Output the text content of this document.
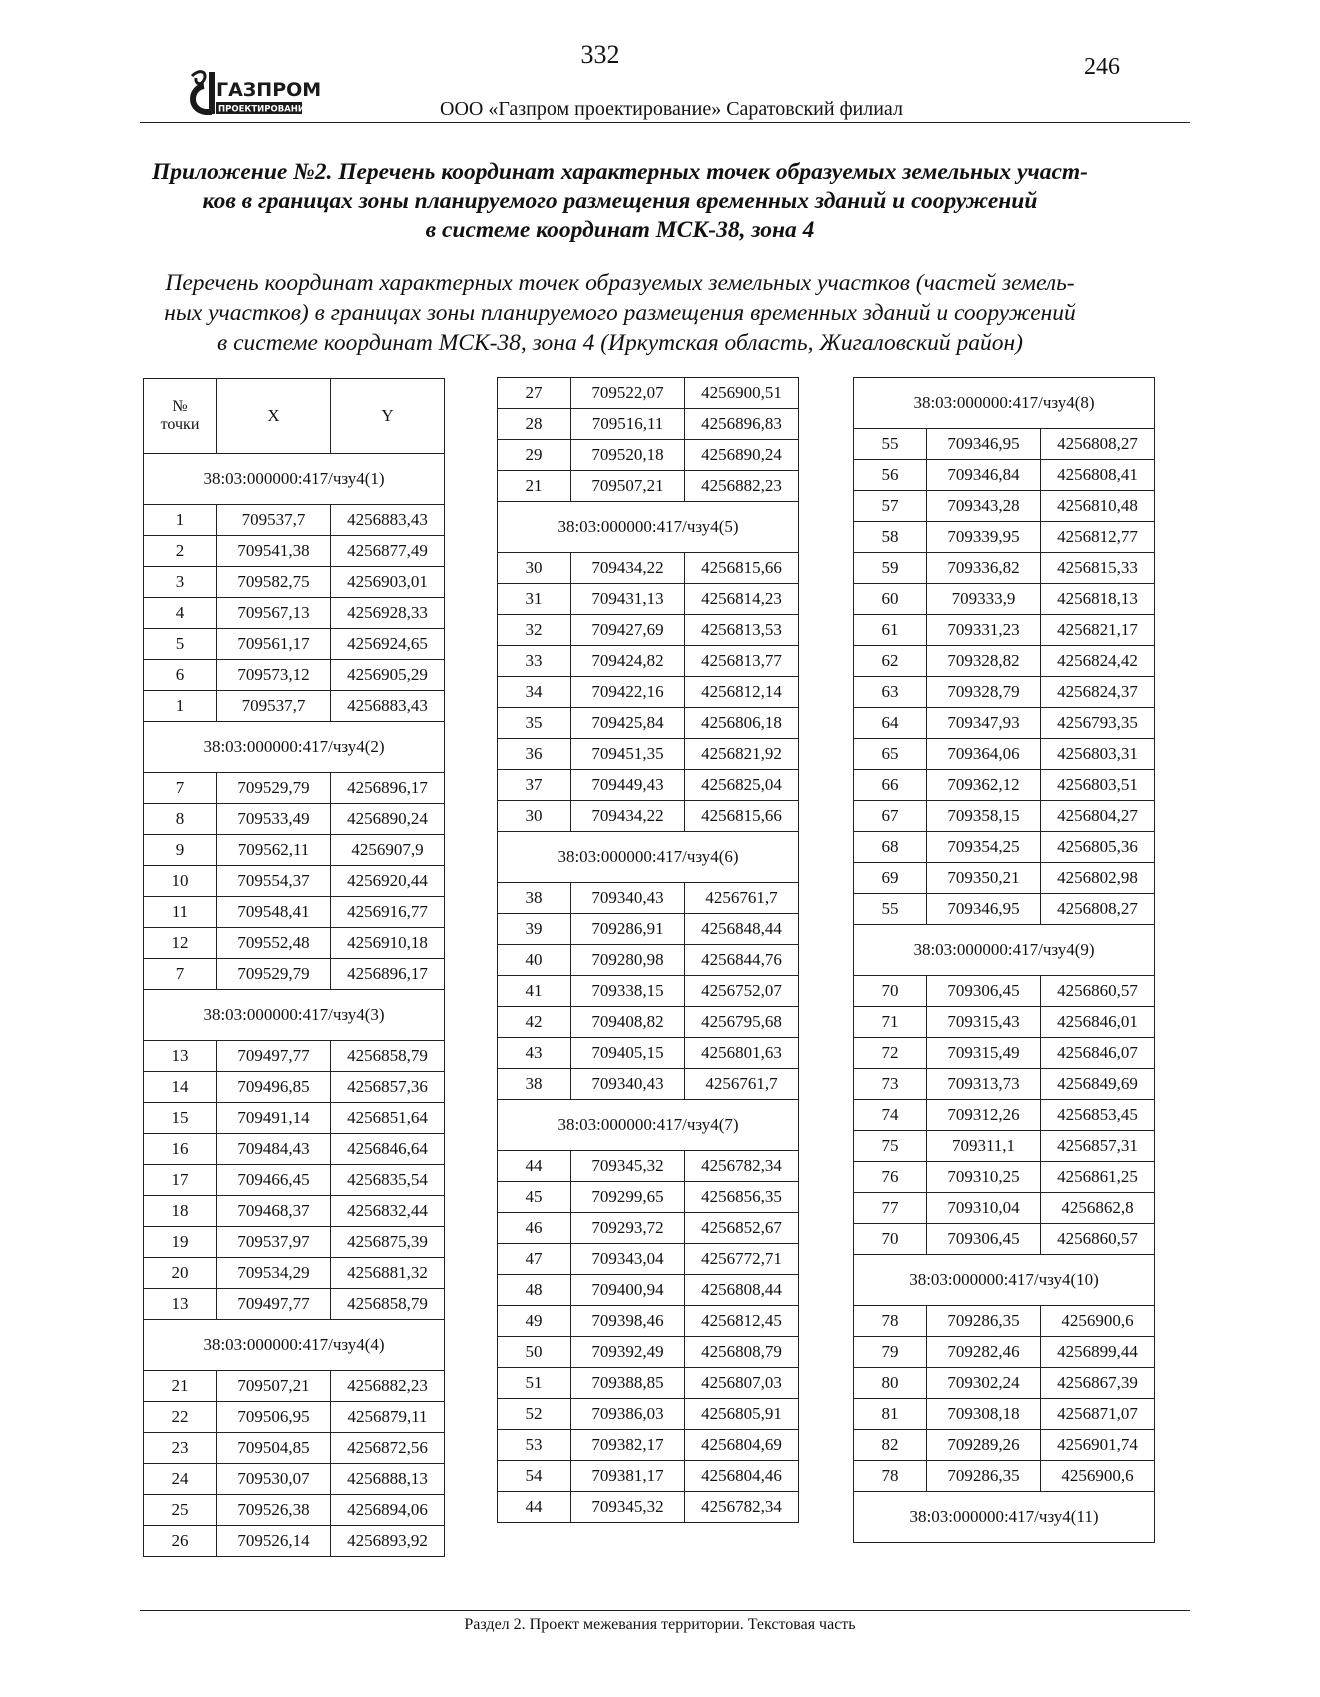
332	246
ГАЗПРОМ
ПРОЕКТИРОВАНИЕ	ООО «Газпром проектирование» Саратовский филиал
Приложение №2. Перечень координат характерных точек образуемых земельных участ-
ков в границах зоны планируемого размещения временных зданий и сооружений
в системе координат МСК-38, зона 4
Перечень координат характерных точек образуемых земельных участков (частей земель-
ных участков) в границах зоны планируемого размещения временных зданий и сооружений
в системе координат МСК-38, зона 4 (Иркутская область, Жигаловский район)
№
точки	X	Y
38:03:000000:417/чзу4(1)		
1	709537,7	4256883,43
2	709541,38	4256877,49
3	709582,75	4256903,01
4	709567,13	4256928,33
5	709561,17	4256924,65
6	709573,12	4256905,29
1	709537,7	4256883,43
38:03:000000:417/чзу4(2)		
7	709529,79	4256896,17
8	709533,49	4256890,24
9	709562,11	4256907,9
10	709554,37	4256920,44
11	709548,41	4256916,77
12	709552,48	4256910,18
7	709529,79	4256896,17
38:03:000000:417/чзу4(3)		
13	709497,77	4256858,79
14	709496,85	4256857,36
15	709491,14	4256851,64
16	709484,43	4256846,64
17	709466,45	4256835,54
18	709468,37	4256832,44
19	709537,97	4256875,39
20	709534,29	4256881,32
13	709497,77	4256858,79
38:03:000000:417/чзу4(4)		
21	709507,21	4256882,23
22	709506,95	4256879,11
23	709504,85	4256872,56
24	709530,07	4256888,13
25	709526,38	4256894,06
26	709526,14	4256893,92
27	709522,07	4256900,51
28	709516,11	4256896,83
29	709520,18	4256890,24
21	709507,21	4256882,23
38:03:000000:417/чзу4(5)		
30	709434,22	4256815,66
31	709431,13	4256814,23
32	709427,69	4256813,53
33	709424,82	4256813,77
34	709422,16	4256812,14
35	709425,84	4256806,18
36	709451,35	4256821,92
37	709449,43	4256825,04
30	709434,22	4256815,66
38:03:000000:417/чзу4(6)		
38	709340,43	4256761,7
39	709286,91	4256848,44
40	709280,98	4256844,76
41	709338,15	4256752,07
42	709408,82	4256795,68
43	709405,15	4256801,63
38	709340,43	4256761,7
38:03:000000:417/чзу4(7)		
44	709345,32	4256782,34
45	709299,65	4256856,35
46	709293,72	4256852,67
47	709343,04	4256772,71
48	709400,94	4256808,44
49	709398,46	4256812,45
50	709392,49	4256808,79
51	709388,85	4256807,03
52	709386,03	4256805,91
53	709382,17	4256804,69
54	709381,17	4256804,46
44	709345,32	4256782,34
38:03:000000:417/чзу4(8)		
55	709346,95	4256808,27
56	709346,84	4256808,41
57	709343,28	4256810,48
58	709339,95	4256812,77
59	709336,82	4256815,33
60	709333,9	4256818,13
61	709331,23	4256821,17
62	709328,82	4256824,42
63	709328,79	4256824,37
64	709347,93	4256793,35
65	709364,06	4256803,31
66	709362,12	4256803,51
67	709358,15	4256804,27
68	709354,25	4256805,36
69	709350,21	4256802,98
55	709346,95	4256808,27
38:03:000000:417/чзу4(9)		
70	709306,45	4256860,57
71	709315,43	4256846,01
72	709315,49	4256846,07
73	709313,73	4256849,69
74	709312,26	4256853,45
75	709311,1	4256857,31
76	709310,25	4256861,25
77	709310,04	4256862,8
70	709306,45	4256860,57
38:03:000000:417/чзу4(10)		
78	709286,35	4256900,6
79	709282,46	4256899,44
80	709302,24	4256867,39
81	709308,18	4256871,07
82	709289,26	4256901,74
78	709286,35	4256900,6
38:03:000000:417/чзу4(11)		
Раздел 2. Проект межевания территории. Текстовая часть
